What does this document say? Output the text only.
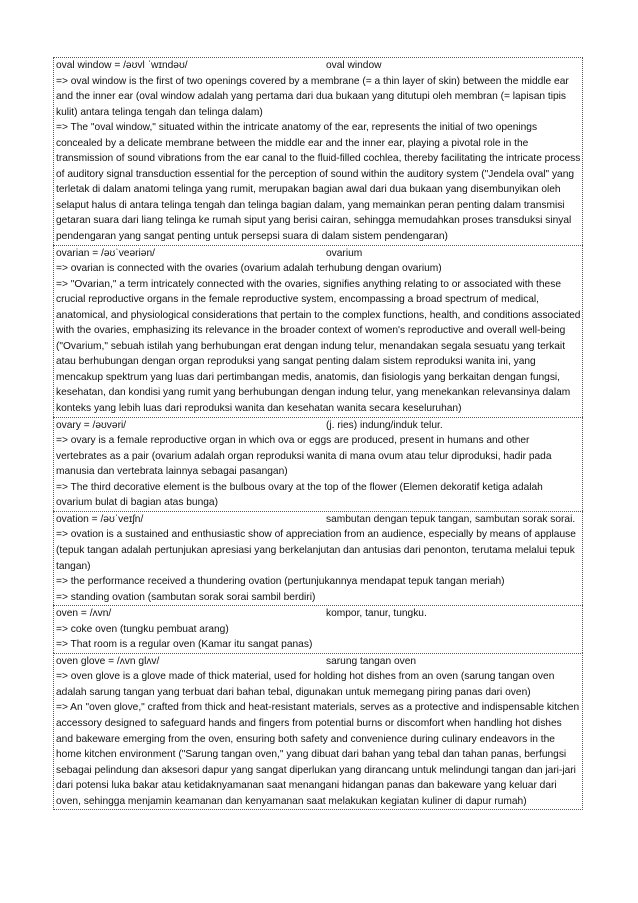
oval window = /əʊvl ˈwɪndəʊ/	oval window
=> oval window is the first of two openings covered by a membrane (= a thin layer of skin) between the middle ear and the inner ear (oval window adalah yang pertama dari dua bukaan yang ditutupi oleh membran (= lapisan tipis kulit) antara telinga tengah dan telinga dalam)
=> The "oval window," situated within the intricate anatomy of the ear, represents the initial of two openings concealed by a delicate membrane between the middle ear and the inner ear, playing a pivotal role in the transmission of sound vibrations from the ear canal to the fluid-filled cochlea, thereby facilitating the intricate process of auditory signal transduction essential for the perception of sound within the auditory system ("Jendela oval" yang terletak di dalam anatomi telinga yang rumit, merupakan bagian awal dari dua bukaan yang disembunyikan oleh selaput halus di antara telinga tengah dan telinga bagian dalam, yang memainkan peran penting dalam transmisi getaran suara dari liang telinga ke rumah siput yang berisi cairan, sehingga memudahkan proses transduksi sinyal pendengaran yang sangat penting untuk persepsi suara di dalam sistem pendengaran)
ovarian = /əʊˈveəriən/	ovarium
=> ovarian is connected with the ovaries (ovarium adalah terhubung dengan ovarium)
=> "Ovarian," a term intricately connected with the ovaries, signifies anything relating to or associated with these crucial reproductive organs in the female reproductive system, encompassing a broad spectrum of medical, anatomical, and physiological considerations that pertain to the complex functions, health, and conditions associated with the ovaries, emphasizing its relevance in the broader context of women's reproductive and overall well-being ("Ovarium," sebuah istilah yang berhubungan erat dengan indung telur, menandakan segala sesuatu yang terkait atau berhubungan dengan organ reproduksi yang sangat penting dalam sistem reproduksi wanita ini, yang mencakup spektrum yang luas dari pertimbangan medis, anatomis, dan fisiologis yang berkaitan dengan fungsi, kesehatan, dan kondisi yang rumit yang berhubungan dengan indung telur, yang menekankan relevansinya dalam konteks yang lebih luas dari reproduksi wanita dan kesehatan wanita secara keseluruhan)
ovary = /əʊvəri/	(j. ries) indung/induk telur.
=> ovary is a female reproductive organ in which ova or eggs are produced, present in humans and other vertebrates as a pair (ovarium adalah organ reproduksi wanita di mana ovum atau telur diproduksi, hadir pada manusia dan vertebrata lainnya sebagai pasangan)
=> The third decorative element is the bulbous ovary at the top of the flower (Elemen dekoratif ketiga adalah ovarium bulat di bagian atas bunga)
ovation = /əʊˈveɪʃn/	sambutan dengan tepuk tangan, sambutan sorak sorai.
=> ovation is a sustained and enthusiastic show of appreciation from an audience, especially by means of applause (tepuk tangan adalah pertunjukan apresiasi yang berkelanjutan dan antusias dari penonton, terutama melalui tepuk tangan)
=> the performance received a thundering ovation (pertunjukannya mendapat tepuk tangan meriah)
=> standing ovation (sambutan sorak sorai sambil berdiri)
oven = /ʌvn/	kompor, tanur, tungku.
=> coke oven (tungku pembuat arang)
=> That room is a regular oven (Kamar itu sangat panas)
oven glove = /ʌvn glʌv/	sarung tangan oven
=> oven glove is a glove made of thick material, used for holding hot dishes from an oven (sarung tangan oven adalah sarung tangan yang terbuat dari bahan tebal, digunakan untuk memegang piring panas dari oven)
=> An "oven glove," crafted from thick and heat-resistant materials, serves as a protective and indispensable kitchen accessory designed to safeguard hands and fingers from potential burns or discomfort when handling hot dishes and bakeware emerging from the oven, ensuring both safety and convenience during culinary endeavors in the home kitchen environment ("Sarung tangan oven," yang dibuat dari bahan yang tebal dan tahan panas, berfungsi sebagai pelindung dan aksesori dapur yang sangat diperlukan yang dirancang untuk melindungi tangan dan jari-jari dari potensi luka bakar atau ketidaknyamanan saat menangani hidangan panas dan bakeware yang keluar dari oven, sehingga menjamin keamanan dan kenyamanan saat melakukan kegiatan kuliner di dapur rumah)
